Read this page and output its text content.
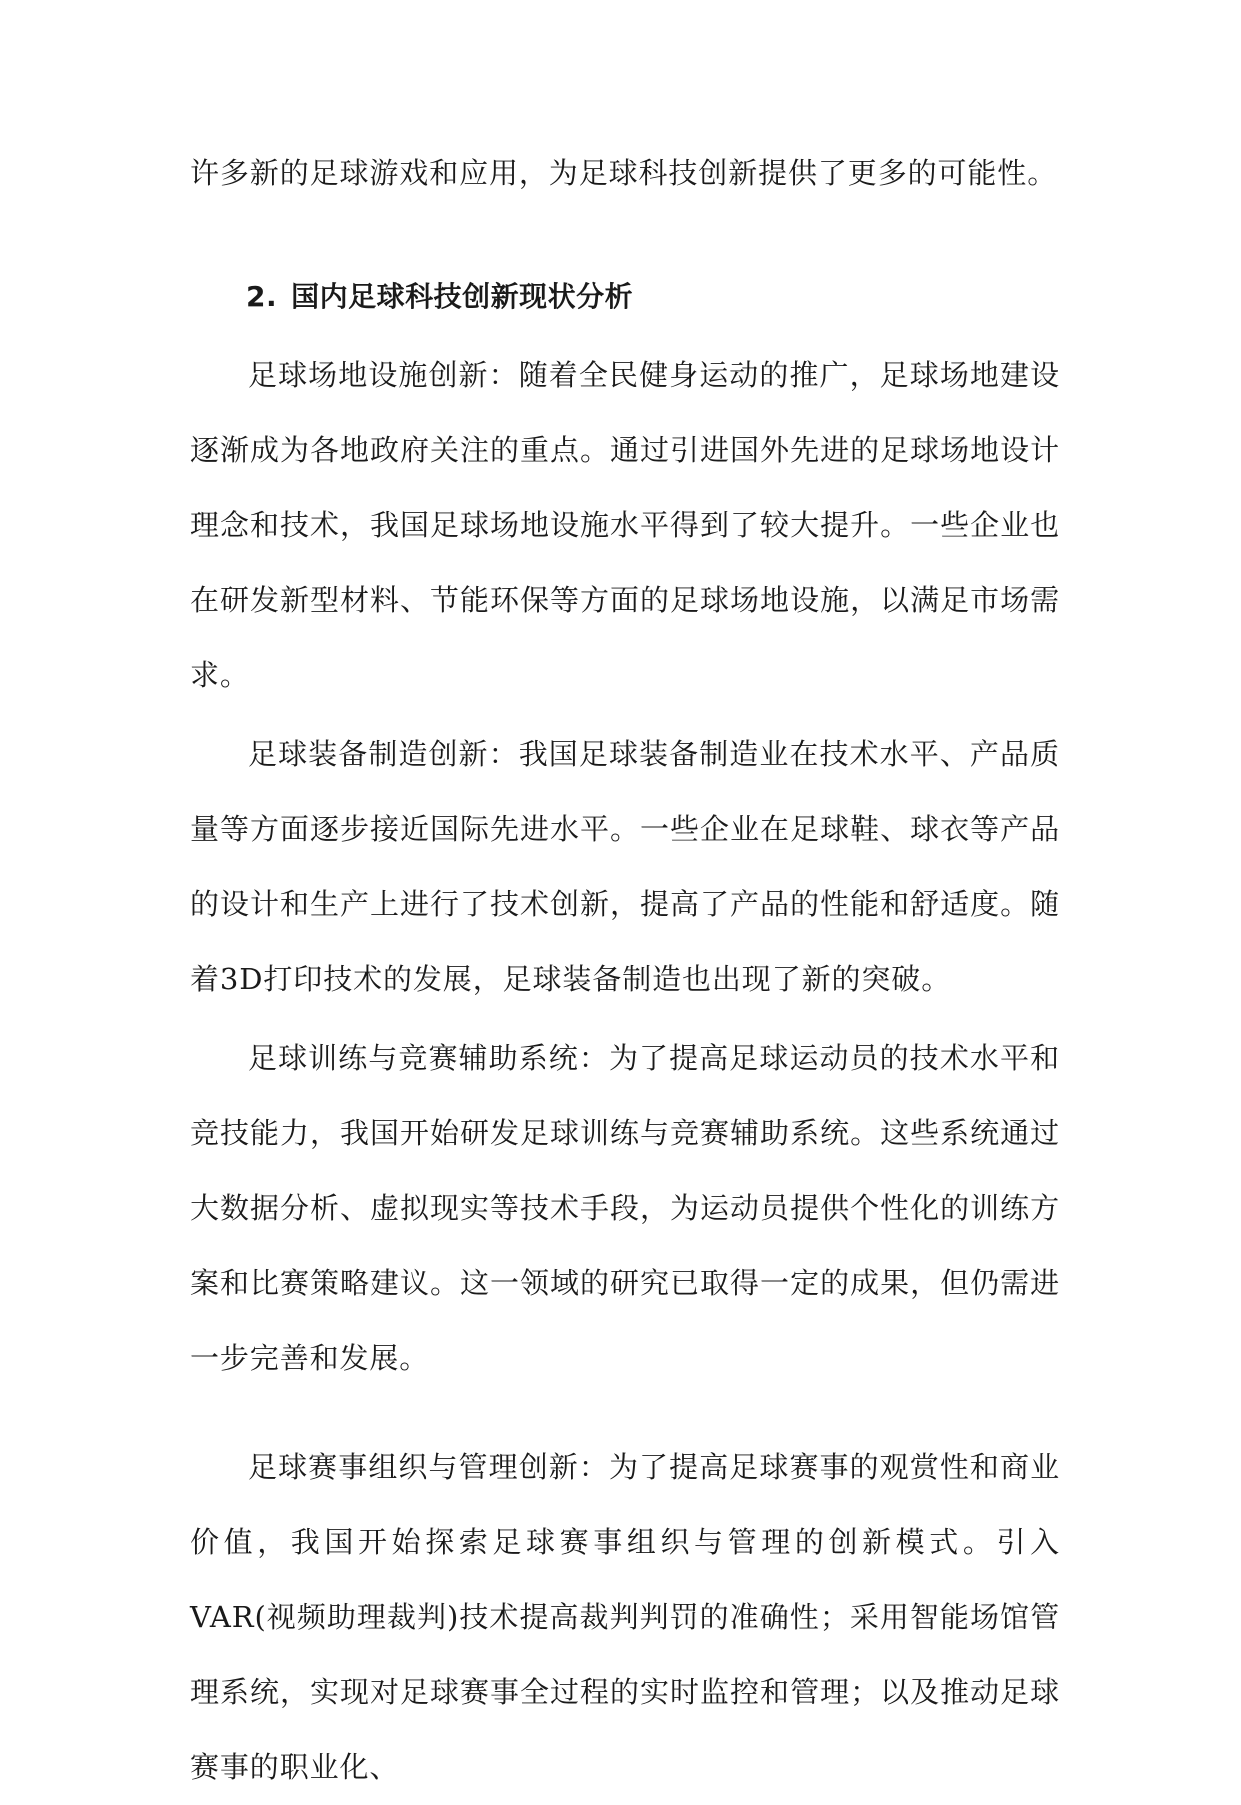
许多新的足球游戏和应用，为足球科技创新提供了更多的可能性。

2. 国内足球科技创新现状分析

足球场地设施创新：随着全民健身运动的推广，足球场地建设逐渐成为各地政府关注的重点。通过引进国外先进的足球场地设计理念和技术，我国足球场地设施水平得到了较大提升。一些企业也在研发新型材料、节能环保等方面的足球场地设施，以满足市场需求。

足球装备制造创新：我国足球装备制造业在技术水平、产品质量等方面逐步接近国际先进水平。一些企业在足球鞋、球衣等产品的设计和生产上进行了技术创新，提高了产品的性能和舒适度。随着3D打印技术的发展，足球装备制造也出现了新的突破。

足球训练与竞赛辅助系统：为了提高足球运动员的技术水平和竞技能力，我国开始研发足球训练与竞赛辅助系统。这些系统通过大数据分析、虚拟现实等技术手段，为运动员提供个性化的训练方案和比赛策略建议。这一领域的研究已取得一定的成果，但仍需进一步完善和发展。

足球赛事组织与管理创新：为了提高足球赛事的观赏性和商业价值，我国开始探索足球赛事组织与管理的创新模式。引入VAR(视频助理裁判)技术提高裁判判罚的准确性；采用智能场馆管理系统，实现对足球赛事全过程的实时监控和管理；以及推动足球赛事的职业化、
